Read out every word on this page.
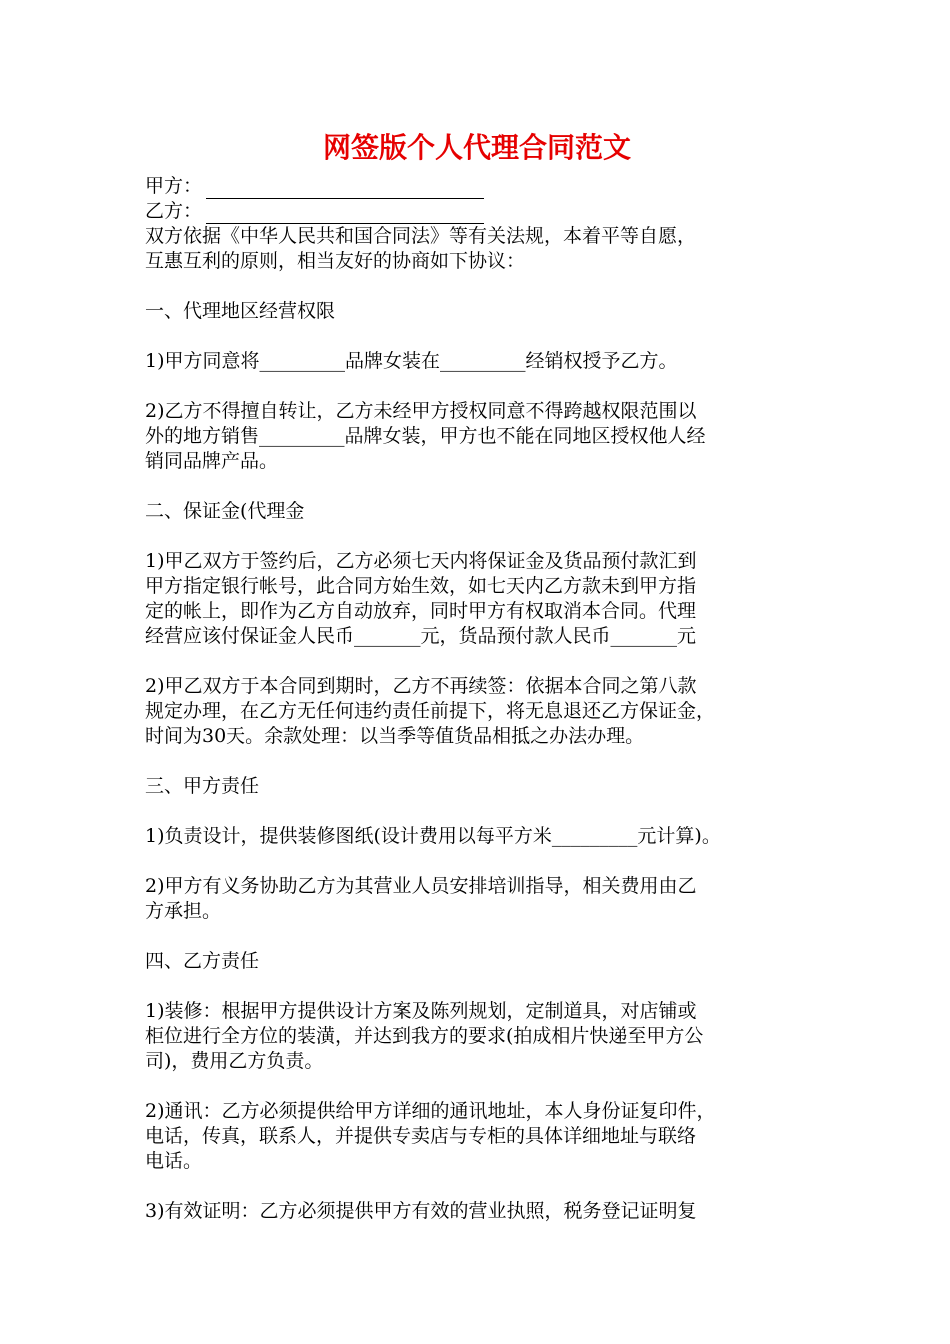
网签版个人代理合同范文
甲方：
乙方：

双方依据《中华人民共和国合同法》等有关法规，本着平等自愿，
互惠互利的原则，相当友好的协商如下协议：

一、代理地区经营权限

1)甲方同意将_________品牌女装在_________经销权授予乙方。

2)乙方不得擅自转让，乙方未经甲方授权同意不得跨越权限范围以
外的地方销售_________品牌女装，甲方也不能在同地区授权他人经
销同品牌产品。

二、保证金(代理金

1)甲乙双方于签约后，乙方必须七天内将保证金及货品预付款汇到
甲方指定银行帐号，此合同方始生效，如七天内乙方款未到甲方指
定的帐上，即作为乙方自动放弃，同时甲方有权取消本合同。代理
经营应该付保证金人民币_______元，货品预付款人民币_______元

2)甲乙双方于本合同到期时，乙方不再续签：依据本合同之第八款
规定办理，在乙方无任何违约责任前提下，将无息退还乙方保证金，
时间为30天。余款处理：以当季等值货品相抵之办法办理。

三、甲方责任

1)负责设计，提供装修图纸(设计费用以每平方米_________元计算)。

2)甲方有义务协助乙方为其营业人员安排培训指导，相关费用由乙
方承担。

四、乙方责任

1)装修：根据甲方提供设计方案及陈列规划，定制道具，对店铺或
柜位进行全方位的装潢，并达到我方的要求(拍成相片快递至甲方公
司)，费用乙方负责。

2)通讯：乙方必须提供给甲方详细的通讯地址，本人身份证复印件，
电话，传真，联系人，并提供专卖店与专柜的具体详细地址与联络
电话。

3)有效证明：乙方必须提供甲方有效的营业执照，税务登记证明复
